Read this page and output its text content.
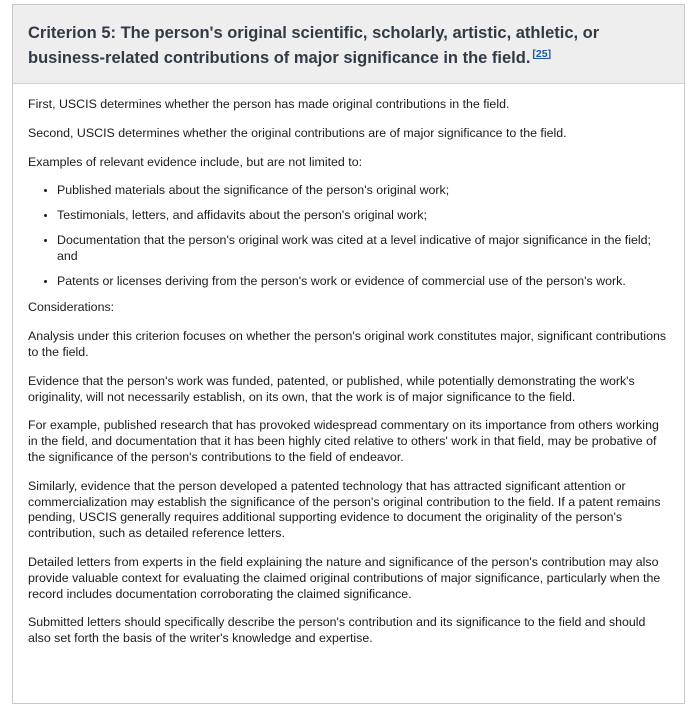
Criterion 5: The person's original scientific, scholarly, artistic, athletic, or business-related contributions of major significance in the field. [25]

First, USCIS determines whether the person has made original contributions in the field.

Second, USCIS determines whether the original contributions are of major significance to the field.

Examples of relevant evidence include, but are not limited to:

• Published materials about the significance of the person's original work;
• Testimonials, letters, and affidavits about the person's original work;
• Documentation that the person's original work was cited at a level indicative of major significance in the field; and
• Patents or licenses deriving from the person's work or evidence of commercial use of the person's work.

Considerations:

Analysis under this criterion focuses on whether the person's original work constitutes major, significant contributions to the field.

Evidence that the person's work was funded, patented, or published, while potentially demonstrating the work's originality, will not necessarily establish, on its own, that the work is of major significance to the field.

For example, published research that has provoked widespread commentary on its importance from others working in the field, and documentation that it has been highly cited relative to others' work in that field, may be probative of the significance of the person's contributions to the field of endeavor.

Similarly, evidence that the person developed a patented technology that has attracted significant attention or commercialization may establish the significance of the person's original contribution to the field. If a patent remains pending, USCIS generally requires additional supporting evidence to document the originality of the person's contribution, such as detailed reference letters.

Detailed letters from experts in the field explaining the nature and significance of the person's contribution may also provide valuable context for evaluating the claimed original contributions of major significance, particularly when the record includes documentation corroborating the claimed significance.

Submitted letters should specifically describe the person's contribution and its significance to the field and should also set forth the basis of the writer's knowledge and expertise.
